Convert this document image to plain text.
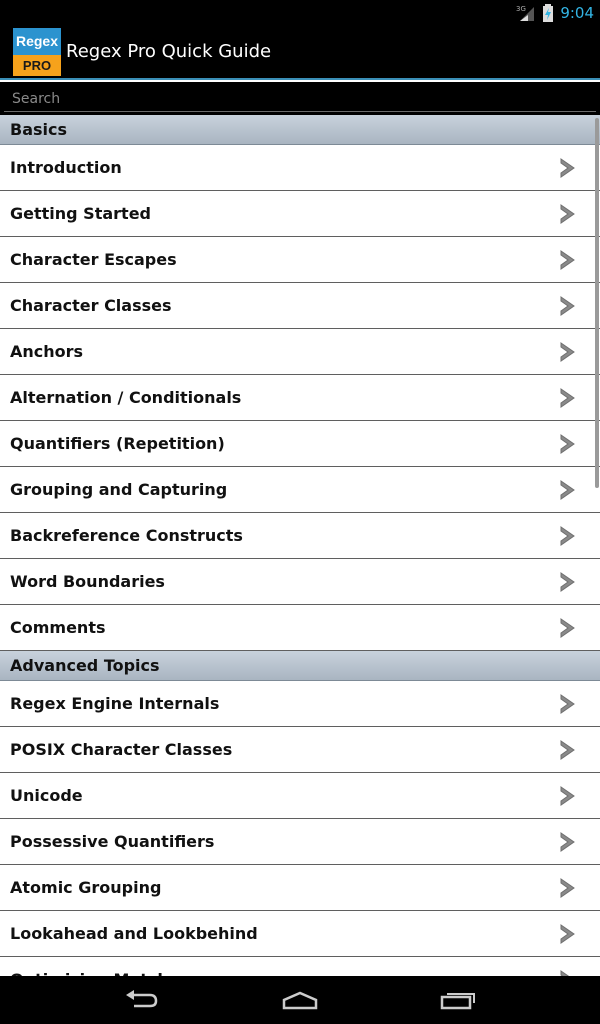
3G 9:04
Regex
PRO
Regex Pro Quick Guide
Search
Basics
Introduction
Getting Started
Character Escapes
Character Classes
Anchors
Alternation / Conditionals
Quantifiers (Repetition)
Grouping and Capturing
Backreference Constructs
Word Boundaries
Comments
Advanced Topics
Regex Engine Internals
POSIX Character Classes
Unicode
Possessive Quantifiers
Atomic Grouping
Lookahead and Lookbehind
